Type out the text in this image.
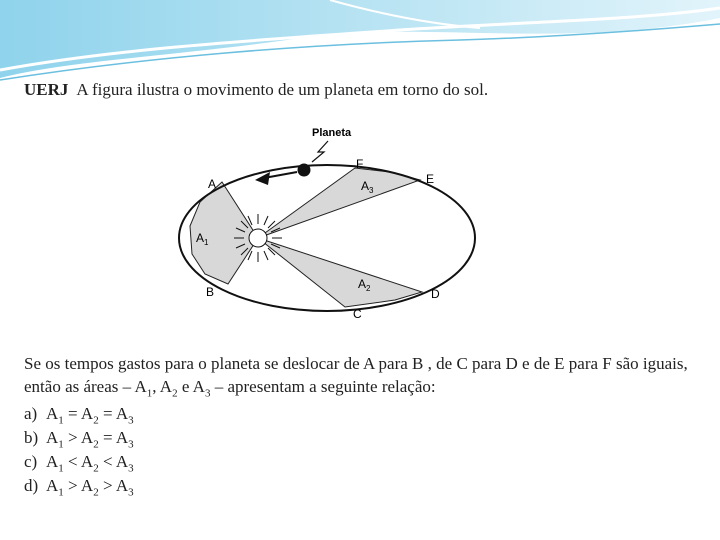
UERJ A figura ilustra o movimento de um planeta em torno do sol.
Planeta
F
E
A
B
C
D
$A_1$
$A_3$
$A_2$
Se os tempos gastos para o planeta se deslocar de A para B , de C para D e de E para F são iguais, então as áreas – $A_1$, $A_2$ e $A_3$ – apresentam a seguinte relação:
a) $A_1 = A_2 = A_3$
b) $A_1 > A_2 = A_3$
c) $A_1 < A_2 < A_3$
d) $A_1 > A_2 > A_3$
